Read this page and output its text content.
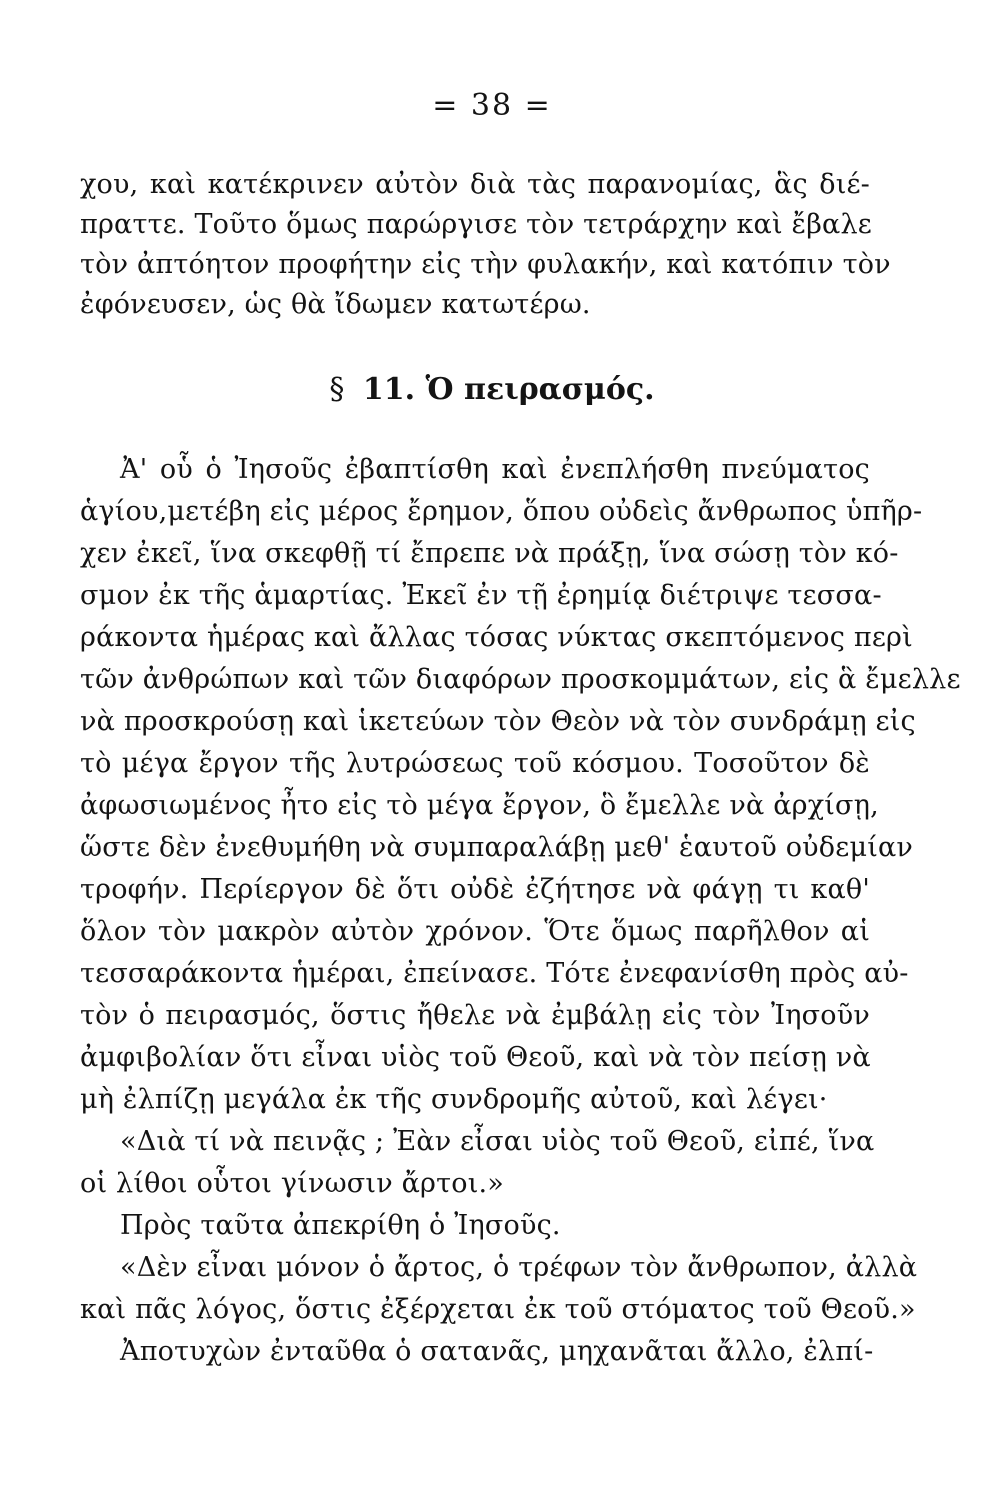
= 38 =
χου, καὶ κατέκρινεν αὐτὸν διὰ τὰς παρανομίας, ἃς διέ-
πραττε. Τοῦτο ὅμως παρώργισε τὸν τετράρχην καὶ ἔβαλε
τὸν ἀπτόητον προφήτην εἰς τὴν φυλακήν, καὶ κατόπιν τὸν
ἐφόνευσεν, ὡς θὰ ἴδωμεν κατωτέρω.
§ 11. Ὁ πειρασμός.
Ἀ' οὗ ὁ Ἰησοῦς ἐβαπτίσθη καὶ ἐνεπλήσθη πνεύματος
ἁγίου,μετέβη εἰς μέρος ἔρημον, ὅπου οὐδεὶς ἄνθρωπος ὑπῆρ-
χεν ἐκεῖ, ἵνα σκεφθῇ τί ἔπρεπε νὰ πράξῃ, ἵνα σώσῃ τὸν κό-
σμον ἐκ τῆς ἁμαρτίας. Ἐκεῖ ἐν τῇ ἐρημίᾳ διέτριψε τεσσα-
ράκοντα ἡμέρας καὶ ἄλλας τόσας νύκτας σκεπτόμενος περὶ
τῶν ἀνθρώπων καὶ τῶν διαφόρων προσκομμάτων, εἰς ἃ ἔμελλε
νὰ προσκρούσῃ καὶ ἱκετεύων τὸν Θεὸν νὰ τὸν συνδράμῃ εἰς
τὸ μέγα ἔργον τῆς λυτρώσεως τοῦ κόσμου. Τοσοῦτον δὲ
ἀφωσιωμένος ἦτο εἰς τὸ μέγα ἔργον, ὃ ἔμελλε νὰ ἀρχίσῃ,
ὥστε δὲν ἐνεθυμήθη νὰ συμπαραλάβῃ μεθ' ἑαυτοῦ οὐδεμίαν
τροφήν. Περίεργον δὲ ὅτι οὐδὲ ἐζήτησε νὰ φάγῃ τι καθ'
ὅλον τὸν μακρὸν αὐτὸν χρόνον. Ὅτε ὅμως παρῆλθον αἱ
τεσσαράκοντα ἡμέραι, ἐπείνασε. Τότε ἐνεφανίσθη πρὸς αὐ-
τὸν ὁ πειρασμός, ὅστις ἤθελε νὰ ἐμβάλῃ εἰς τὸν Ἰησοῦν
ἀμφιβολίαν ὅτι εἶναι υἱὸς τοῦ Θεοῦ, καὶ νὰ τὸν πείσῃ νὰ
μὴ ἐλπίζῃ μεγάλα ἐκ τῆς συνδρομῆς αὐτοῦ, καὶ λέγει·
«Διὰ τί νὰ πεινᾷς ; Ἐὰν εἶσαι υἱὸς τοῦ Θεοῦ, εἰπέ, ἵνα
οἱ λίθοι οὗτοι γίνωσιν ἄρτοι.»
Πρὸς ταῦτα ἀπεκρίθη ὁ Ἰησοῦς.
«Δὲν εἶναι μόνον ὁ ἄρτος, ὁ τρέφων τὸν ἄνθρωπον, ἀλλὰ
καὶ πᾶς λόγος, ὅστις ἐξέρχεται ἐκ τοῦ στόματος τοῦ Θεοῦ.»
Ἀποτυχὼν ἐνταῦθα ὁ σατανᾶς, μηχανᾶται ἄλλο, ἐλπί-
